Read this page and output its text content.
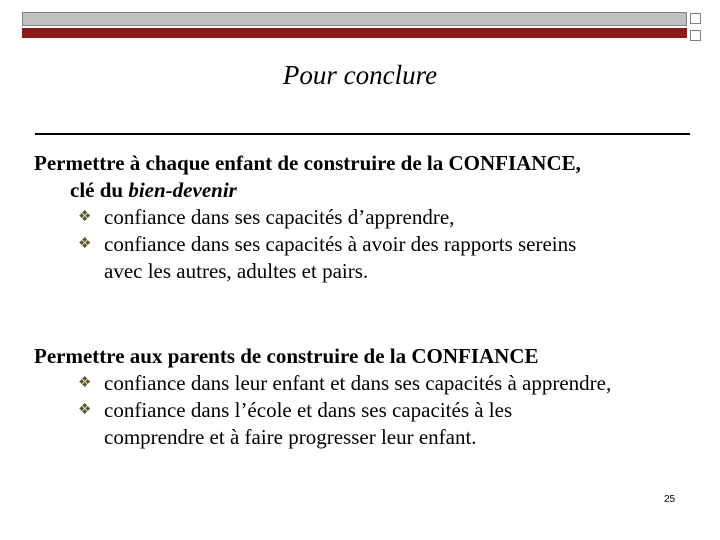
Pour conclure
Permettre à chaque enfant de construire de la CONFIANCE,
clé du bien-devenir
❖ confiance dans ses capacités d’apprendre,
❖ confiance dans ses capacités à avoir des rapports sereins
avec les autres, adultes et pairs.
Permettre aux parents de construire de la CONFIANCE
❖ confiance dans leur enfant et dans ses capacités à apprendre,
❖ confiance dans l’école et dans ses capacités à les
comprendre et à faire progresser leur enfant.
25
